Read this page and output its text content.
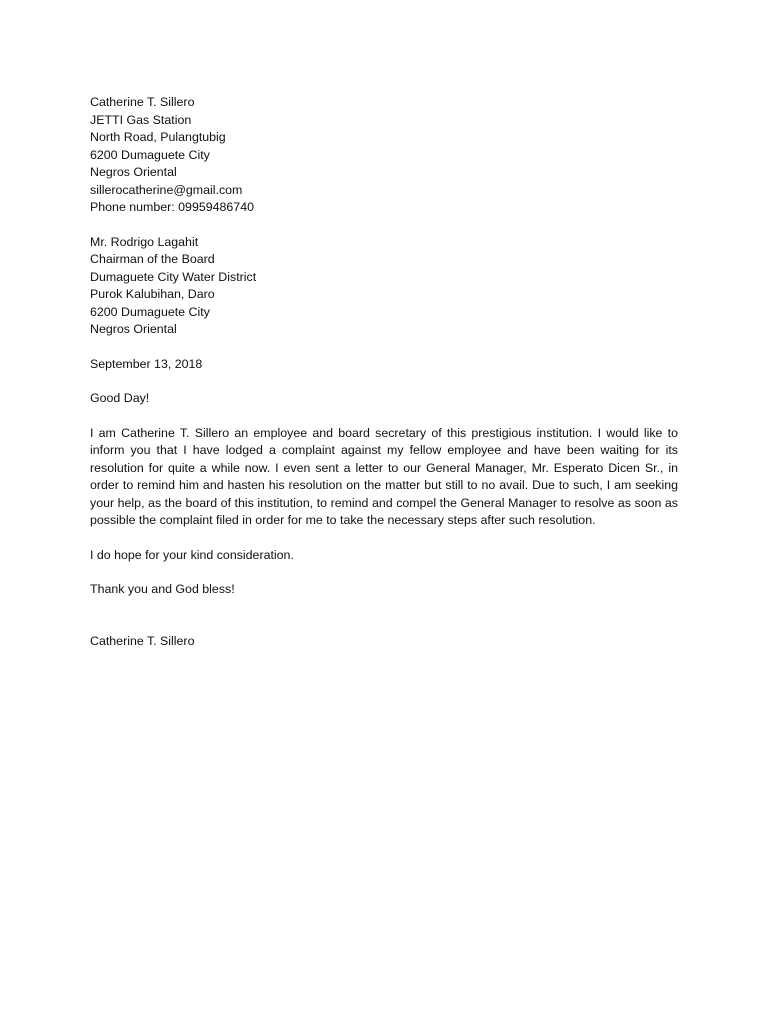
Catherine T. Sillero
JETTI Gas Station
North Road, Pulangtubig
6200 Dumaguete City
Negros Oriental
sillerocatherine@gmail.com
Phone number: 09959486740
Mr. Rodrigo Lagahit
Chairman of the Board
Dumaguete City Water District
Purok Kalubihan, Daro
6200 Dumaguete City
Negros Oriental
September 13, 2018
Good Day!

I am Catherine T. Sillero an employee and board secretary of this prestigious institution. I would like to inform you that I have lodged a complaint against my fellow employee and have been waiting for its resolution for quite a while now. I even sent a letter to our General Manager, Mr. Esperato Dicen Sr., in order to remind him and hasten his resolution on the matter but still to no avail. Due to such, I am seeking your help, as the board of this institution, to remind and compel the General Manager to resolve as soon as possible the complaint filed in order for me to take the necessary steps after such resolution.

I do hope for your kind consideration.

Thank you and God bless!

Catherine T. Sillero
